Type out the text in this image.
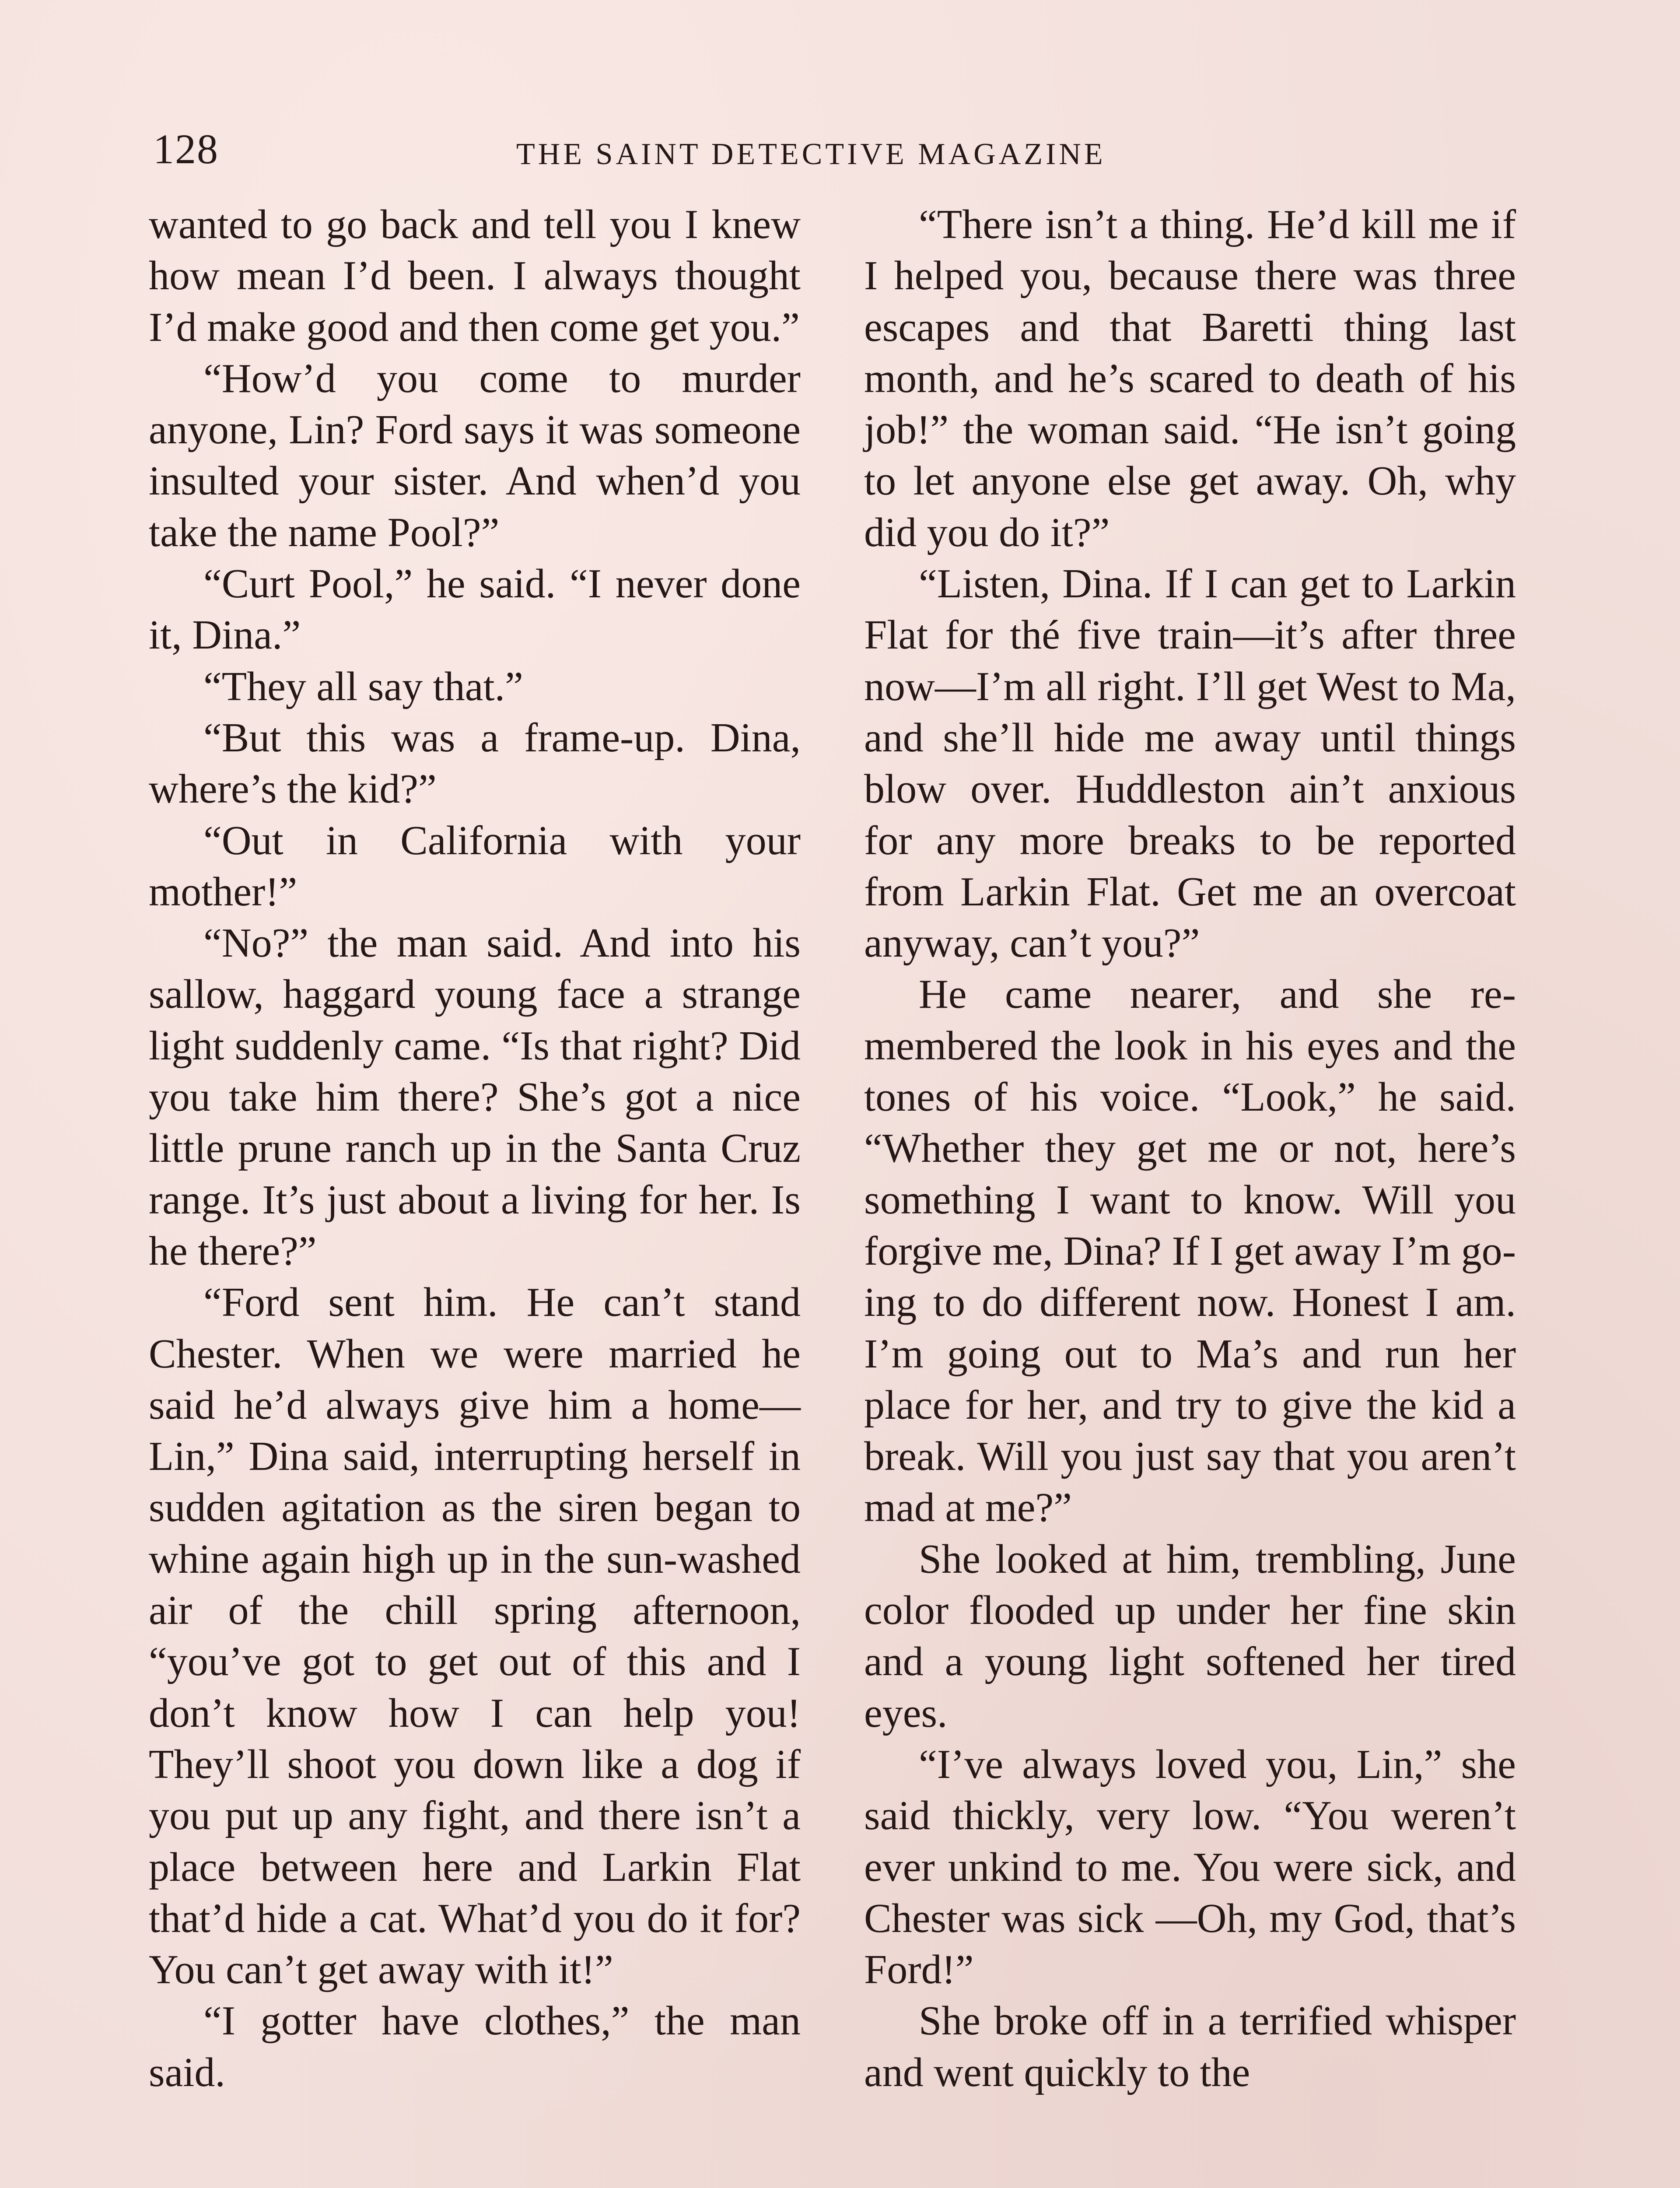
128	THE SAINT DETECTIVE MAGAZINE

wanted to go back and tell you I knew how mean I’d been. I always thought I’d make good and then come get you.”

“How’d you come to murder anyone, Lin? Ford says it was someone insulted your sister. And when’d you take the name Pool?”

“Curt Pool,” he said. “I never done it, Dina.”

“They all say that.”

“But this was a frame-up. Dina, where’s the kid?”

“Out in California with your mother!”

“No?” the man said. And into his sallow, haggard young face a strange light suddenly came. “Is that right? Did you take him there? She’s got a nice little prune ranch up in the Santa Cruz range. It’s just about a living for her. Is he there?”

“Ford sent him. He can’t stand Chester. When we were married he said he’d always give him a home—Lin,” Dina said, interrupting herself in sudden agitation as the siren began to whine again high up in the sun-washed air of the chill spring afternoon, “you’ve got to get out of this and I don’t know how I can help you! They’ll shoot you down like a dog if you put up any fight, and there isn’t a place between here and Larkin Flat that’d hide a cat. What’d you do it for? You can’t get away with it!”

“I gotter have clothes,” the man said.

“There isn’t a thing. He’d kill me if I helped you, because there was three escapes and that Baretti thing last month, and he’s scared to death of his job!” the woman said. “He isn’t going to let anyone else get away. Oh, why did you do it?”

“Listen, Dina. If I can get to Larkin Flat for thé five train—it’s after three now—I’m all right. I’ll get West to Ma, and she’ll hide me away until things blow over. Huddleston ain’t anxious for any more breaks to be reported from Larkin Flat. Get me an overcoat anyway, can’t you?”

He came nearer, and she remembered the look in his eyes and the tones of his voice. “Look,” he said. “Whether they get me or not, here’s something I want to know. Will you forgive me, Dina? If I get away I’m going to do different now. Honest I am. I’m going out to Ma’s and run her place for her, and try to give the kid a break. Will you just say that you aren’t mad at me?”

She looked at him, trembling, June color flooded up under her fine skin and a young light softened her tired eyes.

“I’ve always loved you, Lin,” she said thickly, very low. “You weren’t ever unkind to me. You were sick, and Chester was sick —Oh, my God, that’s Ford!”

She broke off in a terrified whisper and went quickly to the
